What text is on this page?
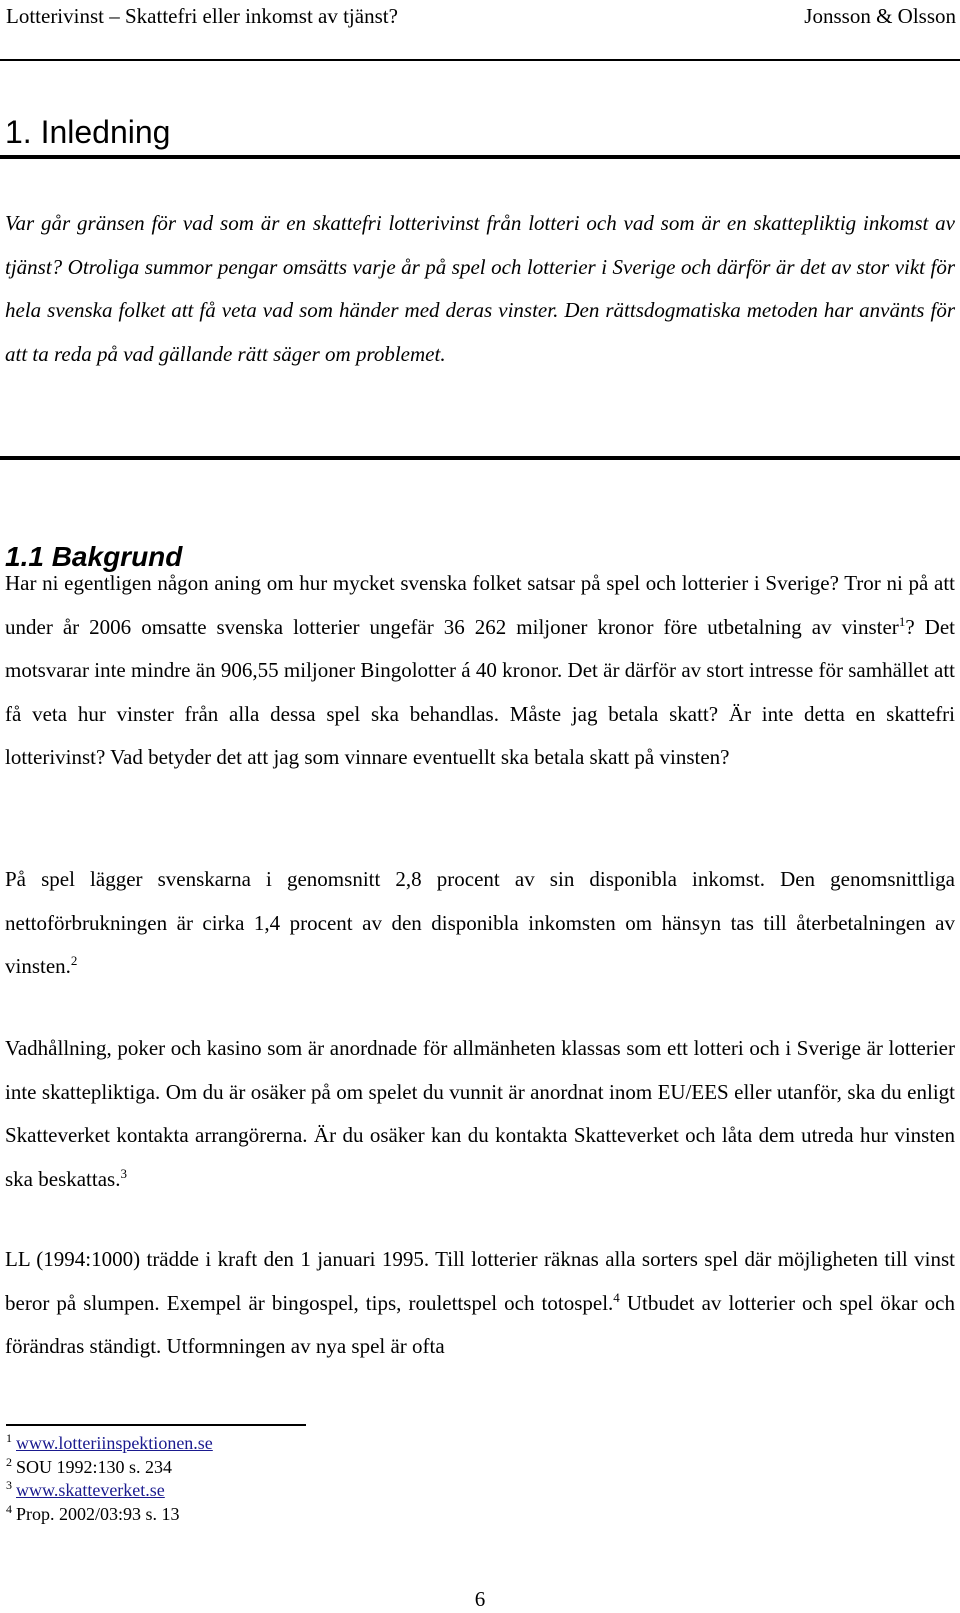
Lotterivinst – Skattefri eller inkomst av tjänst?	Jonsson & Olsson
1. Inledning

Var går gränsen för vad som är en skattefri lotterivinst från lotteri och vad som är en skattepliktig inkomst av tjänst? Otroliga summor pengar omsätts varje år på spel och lotterier i Sverige och därför är det av stor vikt för hela svenska folket att få veta vad som händer med deras vinster. Den rättsdogmatiska metoden har använts för att ta reda på vad gällande rätt säger om problemet.

1.1 Bakgrund

Har ni egentligen någon aning om hur mycket svenska folket satsar på spel och lotterier i Sverige? Tror ni på att under år 2006 omsatte svenska lotterier ungefär 36 262 miljoner kronor före utbetalning av vinster$^1$? Det motsvarar inte mindre än 906,55 miljoner Bingolotter á 40 kronor. Det är därför av stort intresse för samhället att få veta hur vinster från alla dessa spel ska behandlas. Måste jag betala skatt? Är inte detta en skattefri lotterivinst? Vad betyder det att jag som vinnare eventuellt ska betala skatt på vinsten?

På spel lägger svenskarna i genomsnitt 2,8 procent av sin disponibla inkomst. Den genomsnittliga nettoförbrukningen är cirka 1,4 procent av den disponibla inkomsten om hänsyn tas till återbetalningen av vinsten.$^2$

Vadhållning, poker och kasino som är anordnade för allmänheten klassas som ett lotteri och i Sverige är lotterier inte skattepliktiga. Om du är osäker på om spelet du vunnit är anordnat inom EU/EES eller utanför, ska du enligt Skatteverket kontakta arrangörerna. Är du osäker kan du kontakta Skatteverket och låta dem utreda hur vinsten ska beskattas.$^3$

LL (1994:1000) trädde i kraft den 1 januari 1995. Till lotterier räknas alla sorters spel där möjligheten till vinst beror på slumpen. Exempel är bingospel, tips, roulettspel och totospel.$^4$ Utbudet av lotterier och spel ökar och förändras ständigt. Utformningen av nya spel är ofta

$^1$ www.lotteriinspektionen.se
$^2$ SOU 1992:130 s. 234
$^3$ www.skatteverket.se
$^4$ Prop. 2002/03:93 s. 13
6
